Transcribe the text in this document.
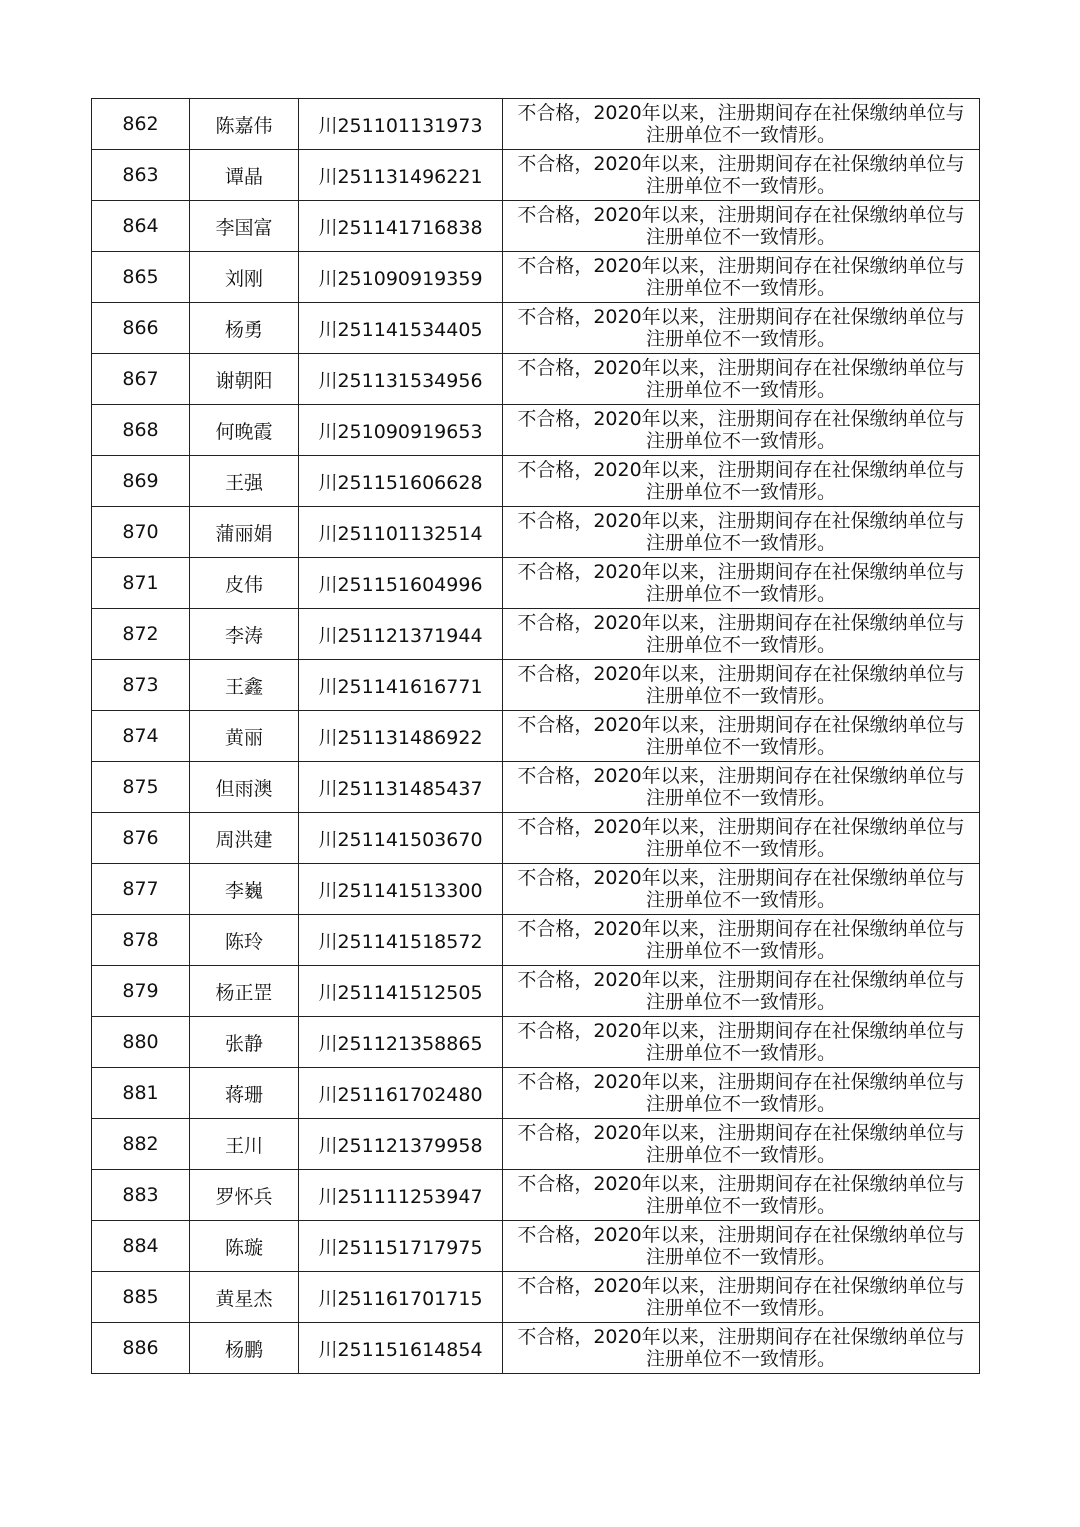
862	陈嘉伟	川251101131973	不合格，2020年以来，注册期间存在社保缴纳单位与
注册单位不一致情形。

863	谭晶	川251131496221	不合格，2020年以来，注册期间存在社保缴纳单位与
注册单位不一致情形。

864	李国富	川251141716838	不合格，2020年以来，注册期间存在社保缴纳单位与
注册单位不一致情形。

865	刘刚	川251090919359	不合格，2020年以来，注册期间存在社保缴纳单位与
注册单位不一致情形。

866	杨勇	川251141534405	不合格，2020年以来，注册期间存在社保缴纳单位与
注册单位不一致情形。

867	谢朝阳	川251131534956	不合格，2020年以来，注册期间存在社保缴纳单位与
注册单位不一致情形。

868	何晚霞	川251090919653	不合格，2020年以来，注册期间存在社保缴纳单位与
注册单位不一致情形。

869	王强	川251151606628	不合格，2020年以来，注册期间存在社保缴纳单位与
注册单位不一致情形。

870	蒲丽娟	川251101132514	不合格，2020年以来，注册期间存在社保缴纳单位与
注册单位不一致情形。

871	皮伟	川251151604996	不合格，2020年以来，注册期间存在社保缴纳单位与
注册单位不一致情形。

872	李涛	川251121371944	不合格，2020年以来，注册期间存在社保缴纳单位与
注册单位不一致情形。

873	王鑫	川251141616771	不合格，2020年以来，注册期间存在社保缴纳单位与
注册单位不一致情形。

874	黄丽	川251131486922	不合格，2020年以来，注册期间存在社保缴纳单位与
注册单位不一致情形。

875	但雨澳	川251131485437	不合格，2020年以来，注册期间存在社保缴纳单位与
注册单位不一致情形。

876	周洪建	川251141503670	不合格，2020年以来，注册期间存在社保缴纳单位与
注册单位不一致情形。

877	李巍	川251141513300	不合格，2020年以来，注册期间存在社保缴纳单位与
注册单位不一致情形。

878	陈玲	川251141518572	不合格，2020年以来，注册期间存在社保缴纳单位与
注册单位不一致情形。

879	杨正罡	川251141512505	不合格，2020年以来，注册期间存在社保缴纳单位与
注册单位不一致情形。

880	张静	川251121358865	不合格，2020年以来，注册期间存在社保缴纳单位与
注册单位不一致情形。

881	蒋珊	川251161702480	不合格，2020年以来，注册期间存在社保缴纳单位与
注册单位不一致情形。

882	王川	川251121379958	不合格，2020年以来，注册期间存在社保缴纳单位与
注册单位不一致情形。

883	罗怀兵	川251111253947	不合格，2020年以来，注册期间存在社保缴纳单位与
注册单位不一致情形。

884	陈璇	川251151717975	不合格，2020年以来，注册期间存在社保缴纳单位与
注册单位不一致情形。

885	黄星杰	川251161701715	不合格，2020年以来，注册期间存在社保缴纳单位与
注册单位不一致情形。

886	杨鹏	川251151614854	不合格，2020年以来，注册期间存在社保缴纳单位与
注册单位不一致情形。
